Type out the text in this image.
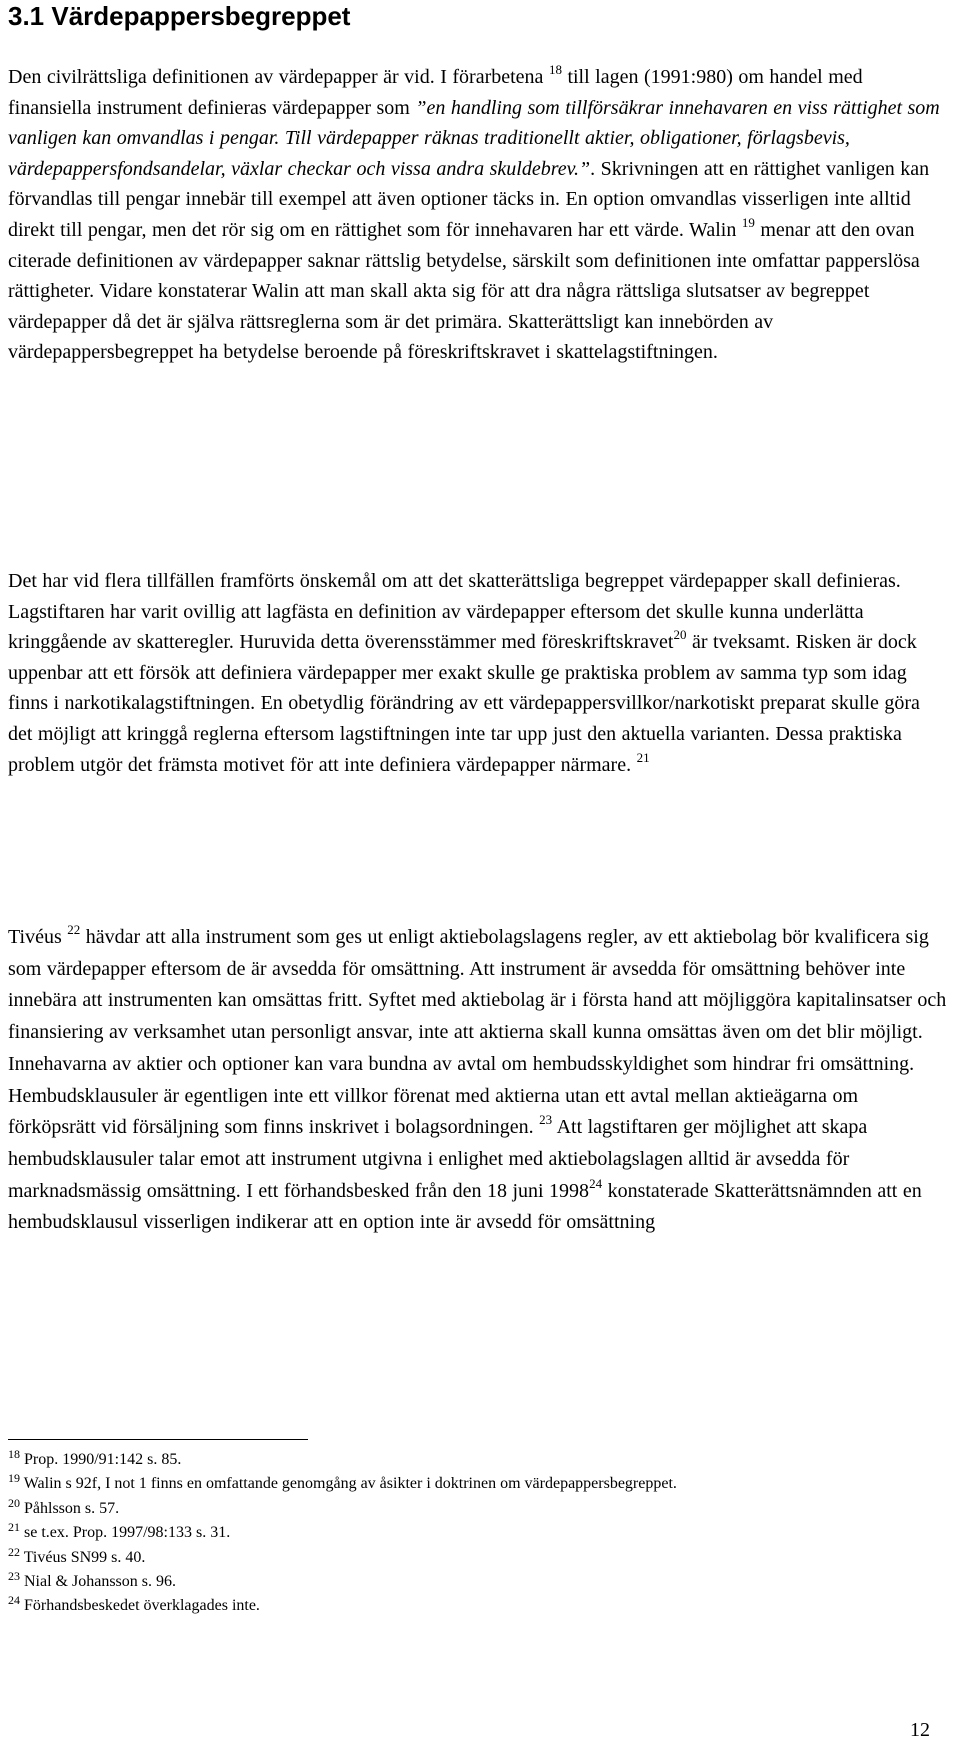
3.1 Värdepappersbegreppet

Den civilrättsliga definitionen av värdepapper är vid. I förarbetena $^{18}$ till lagen (1991:980) om handel med finansiella instrument definieras värdepapper som ”en handling som tillförsäkrar innehavaren en viss rättighet som vanligen kan omvandlas i pengar. Till värdepapper räknas traditionellt aktier, obligationer, förlagsbevis, värdepappersfondsandelar, växlar checkar och vissa andra skuldebrev.”. Skrivningen att en rättighet vanligen kan förvandlas till pengar innebär till exempel att även optioner täcks in. En option omvandlas visserligen inte alltid direkt till pengar, men det rör sig om en rättighet som för innehavaren har ett värde. Walin $^{19}$ menar att den ovan citerade definitionen av värdepapper saknar rättslig betydelse, särskilt som definitionen inte omfattar papperslösa rättigheter. Vidare konstaterar Walin att man skall akta sig för att dra några rättsliga slutsatser av begreppet värdepapper då det är själva rättsreglerna som är det primära. Skatterättsligt kan innebörden av värdepappersbegreppet ha betydelse beroende på föreskriftskravet i skattelagstiftningen.

Det har vid flera tillfällen framförts önskemål om att det skatterättsliga begreppet värdepapper skall definieras. Lagstiftaren har varit ovillig att lagfästa en definition av värdepapper eftersom det skulle kunna underlätta kringgående av skatteregler. Huruvida detta överensstämmer med föreskriftskravet$^{20}$ är tveksamt. Risken är dock uppenbar att ett försök att definiera värdepapper mer exakt skulle ge praktiska problem av samma typ som idag finns i narkotikalagstiftningen. En obetydlig förändring av ett värdepappersvillkor/narkotiskt preparat skulle göra det möjligt att kringgå reglerna eftersom lagstiftningen inte tar upp just den aktuella varianten. Dessa praktiska problem utgör det främsta motivet för att inte definiera värdepapper närmare. $^{21}$

Tivéus $^{22}$ hävdar att alla instrument som ges ut enligt aktiebolagslagens regler, av ett aktiebolag bör kvalificera sig som värdepapper eftersom de är avsedda för omsättning. Att instrument är avsedda för omsättning behöver inte innebära att instrumenten kan omsättas fritt. Syftet med aktiebolag är i första hand att möjliggöra kapitalinsatser och finansiering av verksamhet utan personligt ansvar, inte att aktierna skall kunna omsättas även om det blir möjligt. Innehavarna av aktier och optioner kan vara bundna av avtal om hembudsskyldighet som hindrar fri omsättning. Hembudsklausuler är egentligen inte ett villkor förenat med aktierna utan ett avtal mellan aktieägarna om förköpsrätt vid försäljning som finns inskrivet i bolagsordningen. $^{23}$ Att lagstiftaren ger möjlighet att skapa hembudsklausuler talar emot att instrument utgivna i enlighet med aktiebolagslagen alltid är avsedda för marknadsmässig omsättning. I ett förhandsbesked från den 18 juni 1998$^{24}$ konstaterade Skatterättsnämnden att en hembudsklausul visserligen indikerar att en option inte är avsedd för omsättning

$^{18}$ Prop. 1990/91:142 s. 85.

$^{19}$ Walin s 92f, I not 1 finns en omfattande genomgång av åsikter i doktrinen om värdepappersbegreppet.

$^{20}$ Påhlsson s. 57.

$^{21}$ se t.ex. Prop. 1997/98:133 s. 31.

$^{22}$ Tivéus SN99 s. 40.

$^{23}$ Nial & Johansson s. 96.

$^{24}$ Förhandsbeskedet överklagades inte.

12
